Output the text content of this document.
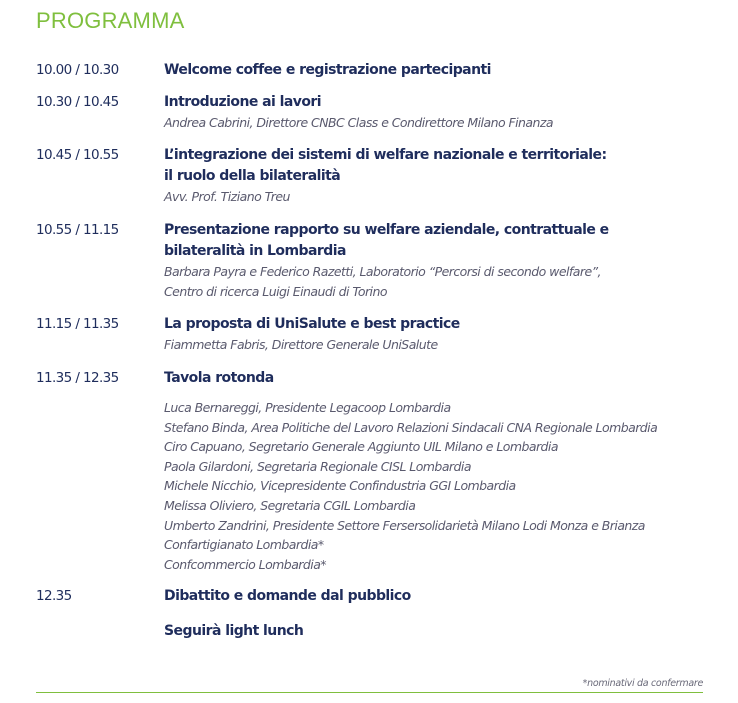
PROGRAMMA
10.00 / 10.30	Welcome coffee e registrazione partecipanti

10.30 / 10.45	Introduzione ai lavori

Andrea Cabrini, Direttore CNBC Class e Condirettore Milano Finanza

10.45 / 10.55	L’integrazione dei sistemi di welfare nazionale e territoriale:

il ruolo della bilateralità

Avv. Prof. Tiziano Treu

10.55 / 11.15	Presentazione rapporto su welfare aziendale, contrattuale e

bilateralità in Lombardia

Barbara Payra e Federico Razetti, Laboratorio “Percorsi di secondo welfare”,

Centro di ricerca Luigi Einaudi di Torino

11.15 / 11.35	La proposta di UniSalute e best practice

Fiammetta Fabris, Direttore Generale UniSalute

11.35 / 12.35	Tavola rotonda

Luca Bernareggi, Presidente Legacoop Lombardia

Stefano Binda, Area Politiche del Lavoro Relazioni Sindacali CNA Regionale Lombardia

Ciro Capuano, Segretario Generale Aggiunto UIL Milano e Lombardia

Paola Gilardoni, Segretaria Regionale CISL Lombardia

Michele Nicchio, Vicepresidente Confindustria GGI Lombardia

Melissa Oliviero, Segretaria CGIL Lombardia

Umberto Zandrini, Presidente Settore Fersersolidarietà Milano Lodi Monza e Brianza

Confartigianato Lombardia*

Confcommercio Lombardia*

12.35	Dibattito e domande dal pubblico

Seguirà light lunch

*nominativi da confermare
